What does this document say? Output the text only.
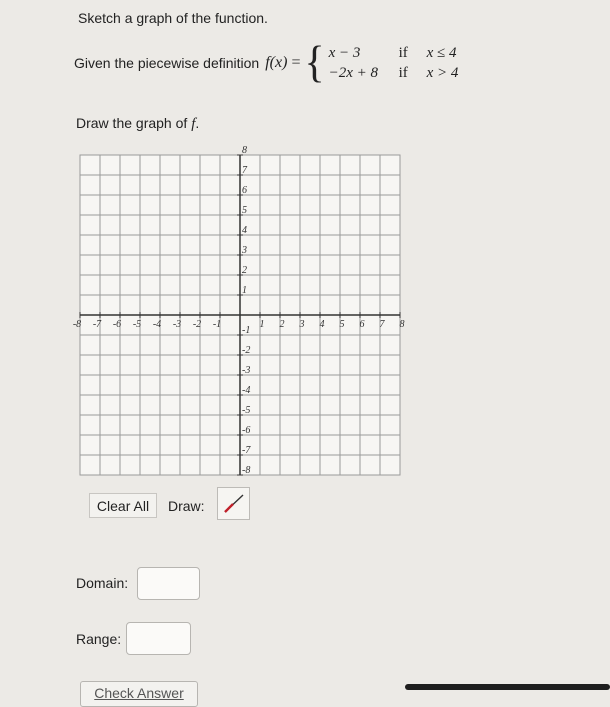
Sketch a graph of the function.
Given the piecewise definition f(x) = { x − 3	if	x ≤ 4
−2x + 8	if	x > 4
Draw the graph of f.
-8 -7 -6 -5 -4 -3 -2 -1	1 2 3 4 5 6 7 8
8
7
6
5
4
3
2
1
-1
-2
-3
-4
-5
-6
-7
-8
Clear All	Draw:
Domain:
Range:
Check Answer
